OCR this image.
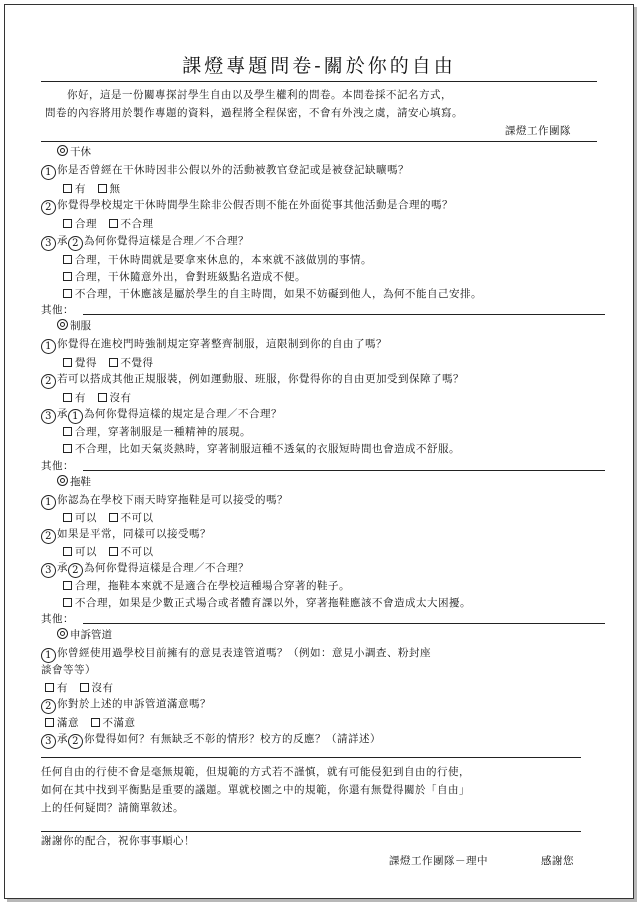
課燈專題問卷-關於你的自由
你好，這是一份關專探討學生自由以及學生權利的問卷。本問卷採不記名方式，
問卷的內容將用於製作專題的資料，過程將全程保密，不會有外洩之虞，請安心填寫。
課燈工作團隊
干休
1 你是否曾經在干休時因非公假以外的活動被教官登記或是被登記缺曠嗎？
有 無
2 你覺得學校規定干休時間學生除非公假否則不能在外面從事其他活動是合理的嗎？
合理 不合理
3 承 2 為何你覺得這樣是合理／不合理？
合理，干休時間就是要拿來休息的，本來就不該做別的事情。
合理，干休隨意外出，會對班級點名造成不便。
不合理，干休應該是屬於學生的自主時間，如果不妨礙到他人，為何不能自己安排。
其他：
制服
1 你覺得在進校門時強制規定穿著整齊制服，這限制到你的自由了嗎？
覺得 不覺得
2 若可以搭成其他正規服裝，例如運動服、班服，你覺得你的自由更加受到保障了嗎？
有 沒有
3 承 1 為何你覺得這樣的規定是合理／不合理？
合理，穿著制服是一種精神的展現。
不合理，比如天氣炎熱時，穿著制服這種不透氣的衣服短時間也會造成不舒服。
其他：
拖鞋
1 你認為在學校下雨天時穿拖鞋是可以接受的嗎？
可以 不可以
2 如果是平常，同樣可以接受嗎？
可以 不可以
3 承 2 為何你覺得這樣是合理／不合理？
合理，拖鞋本來就不是適合在學校這種場合穿著的鞋子。
不合理，如果是少數正式場合或者體育課以外，穿著拖鞋應該不會造成太大困擾。
其他：
申訴管道
1 你曾經使用過學校目前擁有的意見表達管道嗎？（例如：意見小調查、粉封座
談會等等）
有 沒有
2 你對於上述的申訴管道滿意嗎？
滿意 不滿意
3 承 2 你覺得如何？有無缺乏不彰的情形？校方的反應？（請詳述）
任何自由的行使不會是毫無規範，但規範的方式若不謹慎，就有可能侵犯到自由的行使，
如何在其中找到平衡點是重要的議題。單就校園之中的規範，你還有無覺得關於「自由」
上的任何疑問？請簡單敘述。
謝謝你的配合，祝你事事順心！
課燈工作團隊－理中	感謝您
